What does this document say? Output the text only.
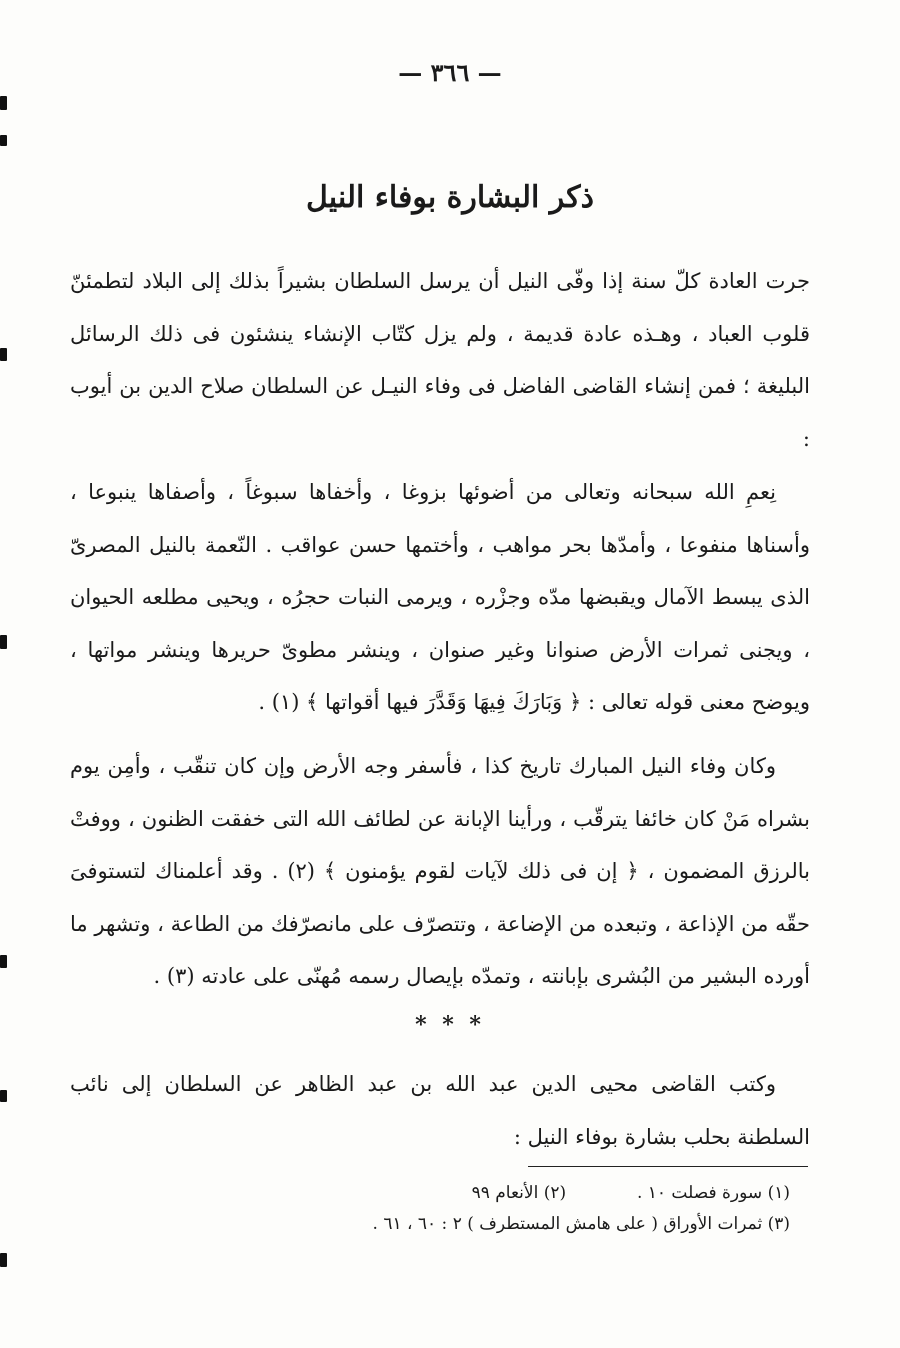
— ٣٦٦ —
ذكر البشارة بوفاء النيل

جرت العادة كلّ سنة إذا وفّى النيل أن يرسل السلطان بشيراً بذلك إلى البلاد لتطمئنّ قلوب العباد ، وهـذه عادة قديمة ، ولم يزل كتّاب الإنشاء ينشئون فى ذلك الرسائل البليغة ؛ فمن إنشاء القاضى الفاضل فى وفاء النيـل عن السلطان صلاح الدين بن أيوب :

نِعمِ الله سبحانه وتعالى من أضوئها بزوغا ، وأخفاها سبوغاً ، وأصفاها ينبوعا ، وأسناها منفوعا ، وأمدّها بحر مواهب ، وأختمها حسن عواقب . النّعمة بالنيل المصرىّ الذى يبسط الآمال ويقبضها مدّه وجزْره ، ويرمى النبات حجرُه ، ويحيى مطلعه الحيوان ، ويجنى ثمرات الأرض صنوانا وغير صنوان ، وينشر مطوىّ حريرها وينشر مواتها ، ويوضح معنى قوله تعالى : ﴿ وَبَارَكَ فِيهَا وَقَدَّرَ فيها أقواتها ﴾ (١) .

وكان وفاء النيل المبارك تاريخ كذا ، فأسفر وجه الأرض وإن كان تنقّب ، وأمِن يوم بشراه مَنْ كان خائفا يترقّب ، ورأينا الإبانة عن لطائف الله التى خفقت الظنون ، ووفتْ بالرزق المضمون ، ﴿ إن فى ذلك لآيات لقوم يؤمنون ﴾ (٢) . وقد أعلمناك لتستوفىَ حقّه من الإذاعة ، وتبعده من الإضاعة ، وتتصرّف على مانصرّفك من الطاعة ، وتشهر ما أورده البشير من البُشرى بإبانته ، وتمدّه بإيصال رسمه مُهنّى على عادته (٣) .

* * *

وكتب القاضى محيى الدين عبد الله بن عبد الظاهر عن السلطان إلى نائب السلطنة بحلب بشارة بوفاء النيل :

(١) سورة فصلت ١٠ .  (٢) الأنعام ٩٩
(٣) ثمرات الأوراق ( على هامش المستطرف ) ٢ : ٦٠ ، ٦١ .
